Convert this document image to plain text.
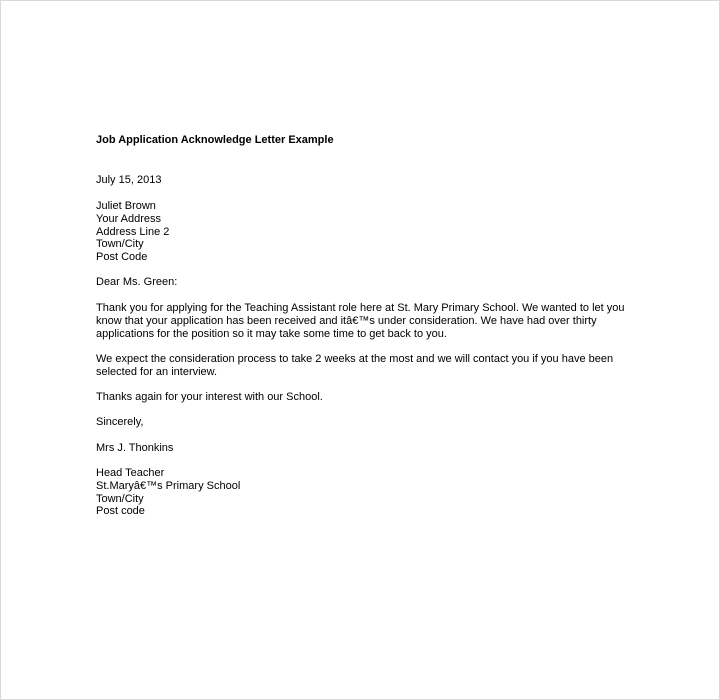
Job Application Acknowledge Letter Example
July 15, 2013
Juliet Brown
Your Address
Address Line 2
Town/City
Post Code
Dear Ms. Green:
Thank you for applying for the Teaching Assistant role here at St. Mary Primary School. We wanted to let you
know that your application has been received and itâ€™s under consideration. We have had over thirty
applications for the position so it may take some time to get back to you.
We expect the consideration process to take 2 weeks at the most and we will contact you if you have been
selected for an interview.
Thanks again for your interest with our School.
Sincerely,
Mrs J. Thonkins
Head Teacher
St.Maryâ€™s Primary School
Town/City
Post code
